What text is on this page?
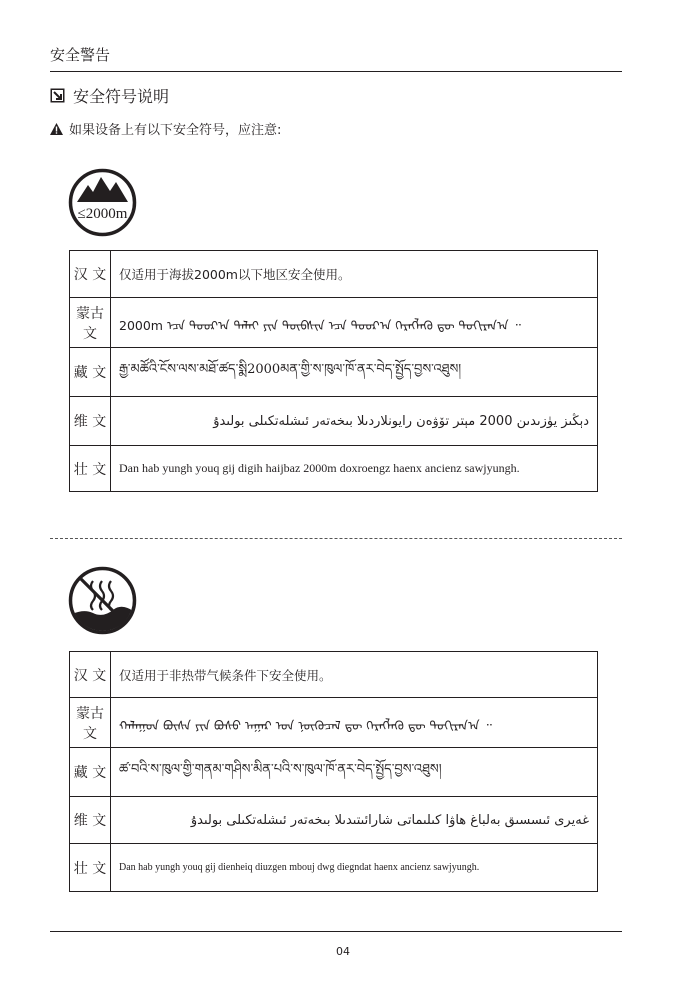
安全警告
安全符号说明
如果设备上有以下安全符号，应注意:
≤2000m
汉 文	仅适用于海拔2000m以下地区安全使用。
蒙古文	2000m ᠡᠴᠡ ᠳᠣᠣᠷ᠎ᠠ ᠳᠠᠯᠠᠢ ᠶᠢᠨ ᠲᠥᠪᠰᠢᠨ ᠡᠴᠡ ᠳᠣᠣᠷ᠎ᠠ ᠬᠡᠷᠡᠭᠯᠡᠬᠦ ᠳᠦ ᠲᠣᠬᠢᠷᠠᠨ᠎ᠠ ᠃
藏 文	རྒྱ་མཚོའི་ངོས་ལས་མཐོ་ཚད་སྨི2000མན་གྱི་ས་ཁུལ་ཁོ་ནར་བེད་སྤྱོད་བྱས་འཐུས།
维 文	دېڭىز يۈزىدىن 2000 مېتر تۆۋەن رايونلاردىلا بىخەتەر ئىشلەتكىلى بولىدۇ
壮 文	Dan hab yungh youq gij digih haijbaz 2000m doxroengz haenx ancienz sawjyungh.
汉 文	仅适用于非热带气候条件下安全使用。
蒙古文	ᠬᠠᠯᠠᠭᠤᠨ ᠪᠦᠰᠡ ᠶᠢᠨ ᠪᠤᠰᠤ ᠠᠭᠠᠷ ᠤᠨ ᠨᠥᠬᠦᠴᠡᠯ ᠳᠦ ᠬᠡᠷᠡᠭᠯᠡᠬᠦ ᠳᠦ ᠲᠣᠬᠢᠷᠠᠨ᠎ᠠ ᠃
藏 文	ཚ་བའི་ས་ཁུལ་གྱི་གནམ་གཤིས་མིན་པའི་ས་ཁུལ་ཁོ་ནར་བེད་སྤྱོད་བྱས་འཐུས།
维 文	غەيرى ئىسسىق بەلباغ ھاۋا كىلىماتى شارائىتىدىلا بىخەتەر ئىشلەتكىلى بولىدۇ
壮 文	Dan hab yungh youq gij dienheiq diuzgen mbouj dwg diegndat haenx ancienz sawjyungh.
04
